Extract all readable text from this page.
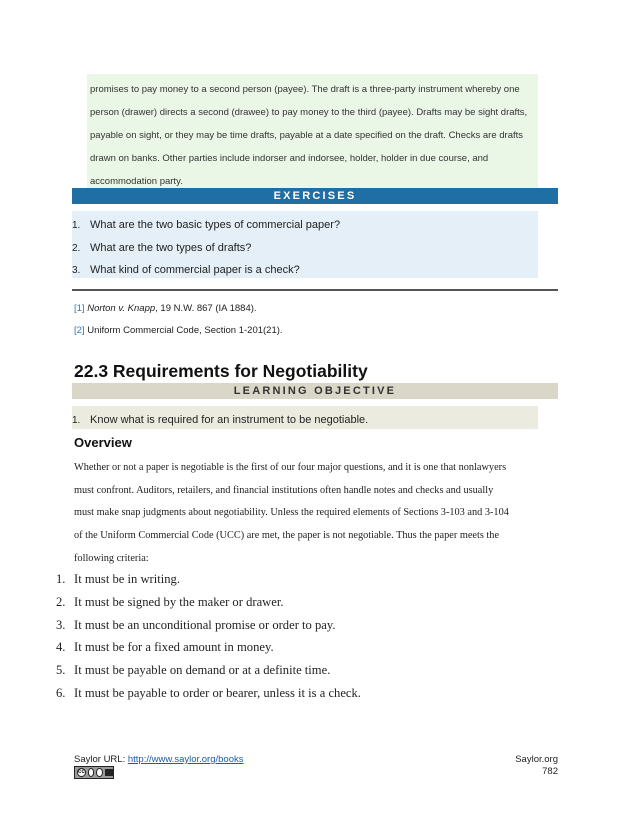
promises to pay money to a second person (payee). The draft is a three-party instrument whereby one
person (drawer) directs a second (drawee) to pay money to the third (payee). Drafts may be sight drafts,
payable on sight, or they may be time drafts, payable at a date specified on the draft. Checks are drafts
drawn on banks. Other parties include indorser and indorsee, holder, holder in due course, and
accommodation party.
EXERCISES
1. What are the two basic types of commercial paper?
2. What are the two types of drafts?
3. What kind of commercial paper is a check?
[1] Norton v. Knapp, 19 N.W. 867 (IA 1884).
[2] Uniform Commercial Code, Section 1-201(21).
22.3 Requirements for Negotiability
LEARNING OBJECTIVE
1. Know what is required for an instrument to be negotiable.
Overview
Whether or not a paper is negotiable is the first of our four major questions, and it is one that nonlawyers
must confront. Auditors, retailers, and financial institutions often handle notes and checks and usually
must make snap judgments about negotiability. Unless the required elements of Sections 3-103 and 3-104
of the Uniform Commercial Code (UCC) are met, the paper is not negotiable. Thus the paper meets the
following criteria:
1. It must be in writing.
2. It must be signed by the maker or drawer.
3. It must be an unconditional promise or order to pay.
4. It must be for a fixed amount in money.
5. It must be payable on demand or at a definite time.
6. It must be payable to order or bearer, unless it is a check.
Saylor URL: http://www.saylor.org/books
cc
Saylor.org
782
